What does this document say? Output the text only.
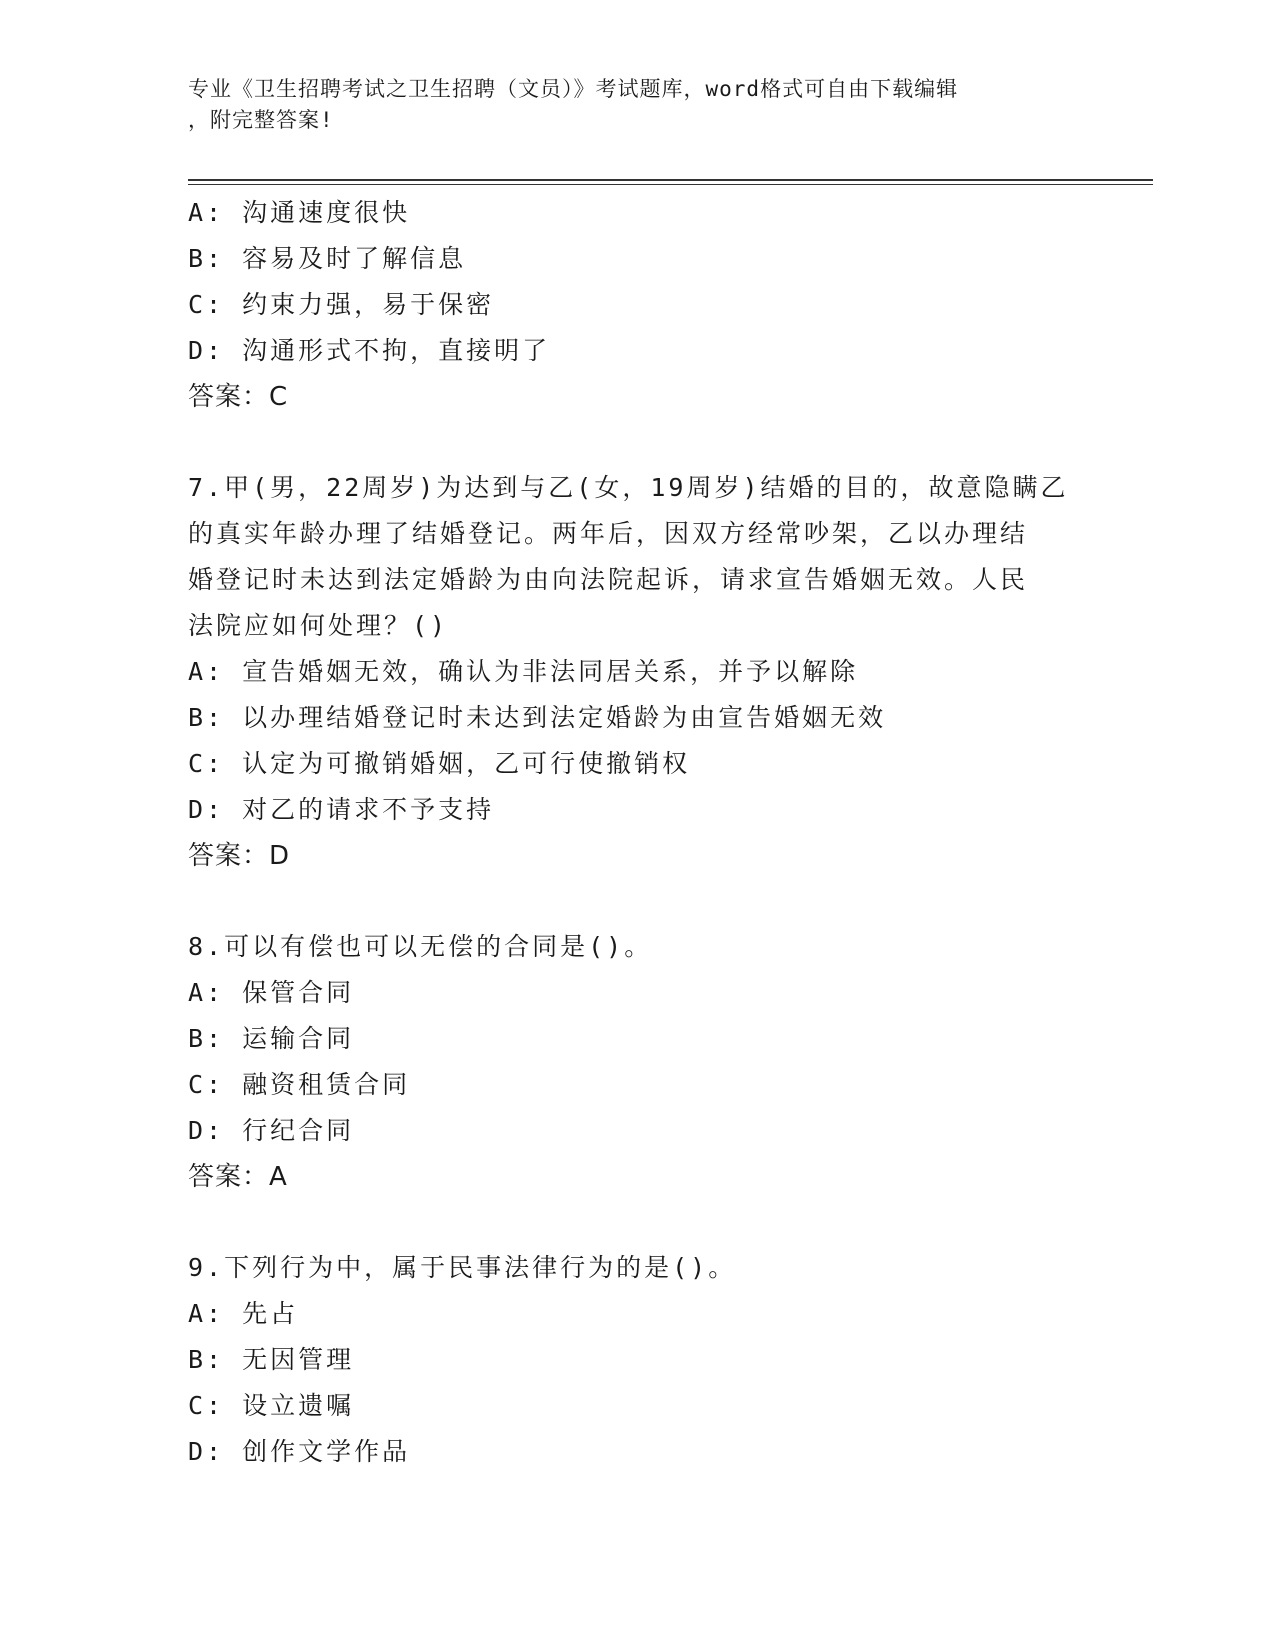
专业《卫生招聘考试之卫生招聘（文员）》考试题库，word格式可自由下载编辑
，附完整答案!
A: 沟通速度很快
B: 容易及时了解信息
C: 约束力强，易于保密
D: 沟通形式不拘，直接明了
答案：C
7.甲(男，22周岁)为达到与乙(女，19周岁)结婚的目的，故意隐瞒乙
的真实年龄办理了结婚登记。两年后，因双方经常吵架，乙以办理结
婚登记时未达到法定婚龄为由向法院起诉，请求宣告婚姻无效。人民
法院应如何处理？()
A: 宣告婚姻无效，确认为非法同居关系，并予以解除
B: 以办理结婚登记时未达到法定婚龄为由宣告婚姻无效
C: 认定为可撤销婚姻，乙可行使撤销权
D: 对乙的请求不予支持
答案：D
8.可以有偿也可以无偿的合同是()。
A: 保管合同
B: 运输合同
C: 融资租赁合同
D: 行纪合同
答案：A
9.下列行为中，属于民事法律行为的是()。
A: 先占
B: 无因管理
C: 设立遗嘱
D: 创作文学作品
